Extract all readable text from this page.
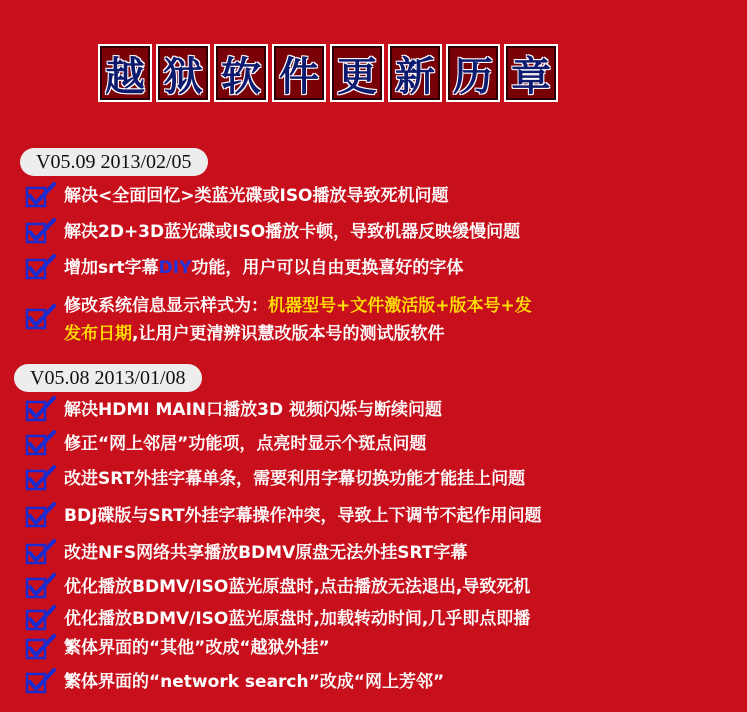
越 狱 软 件 更 新 历 章
V05.09 2013/02/05
解决<全面回忆>类蓝光碟或ISO播放导致死机问题
解决2D+3D蓝光碟或ISO播放卡顿，导致机器反映缓慢问题
增加srt字幕DIY功能，用户可以自由更换喜好的字体
修改系统信息显示样式为：机器型号+文件激活版+版本号+发
发布日期,让用户更清辨识慧改版本号的测试版软件
V05.08 2013/01/08
解决HDMI MAIN口播放3D 视频闪烁与断续问题
修正“网上邻居”功能项，点亮时显示个斑点问题
改进SRT外挂字幕单条，需要利用字幕切换功能才能挂上问题
BDJ碟版与SRT外挂字幕操作冲突，导致上下调节不起作用问题
改进NFS网络共享播放BDMV原盘无法外挂SRT字幕
优化播放BDMV/ISO蓝光原盘时,点击播放无法退出,导致死机
优化播放BDMV/ISO蓝光原盘时,加载转动时间,几乎即点即播
繁体界面的“其他”改成“越狱外挂”
繁体界面的“network search”改成“网上芳邻”
